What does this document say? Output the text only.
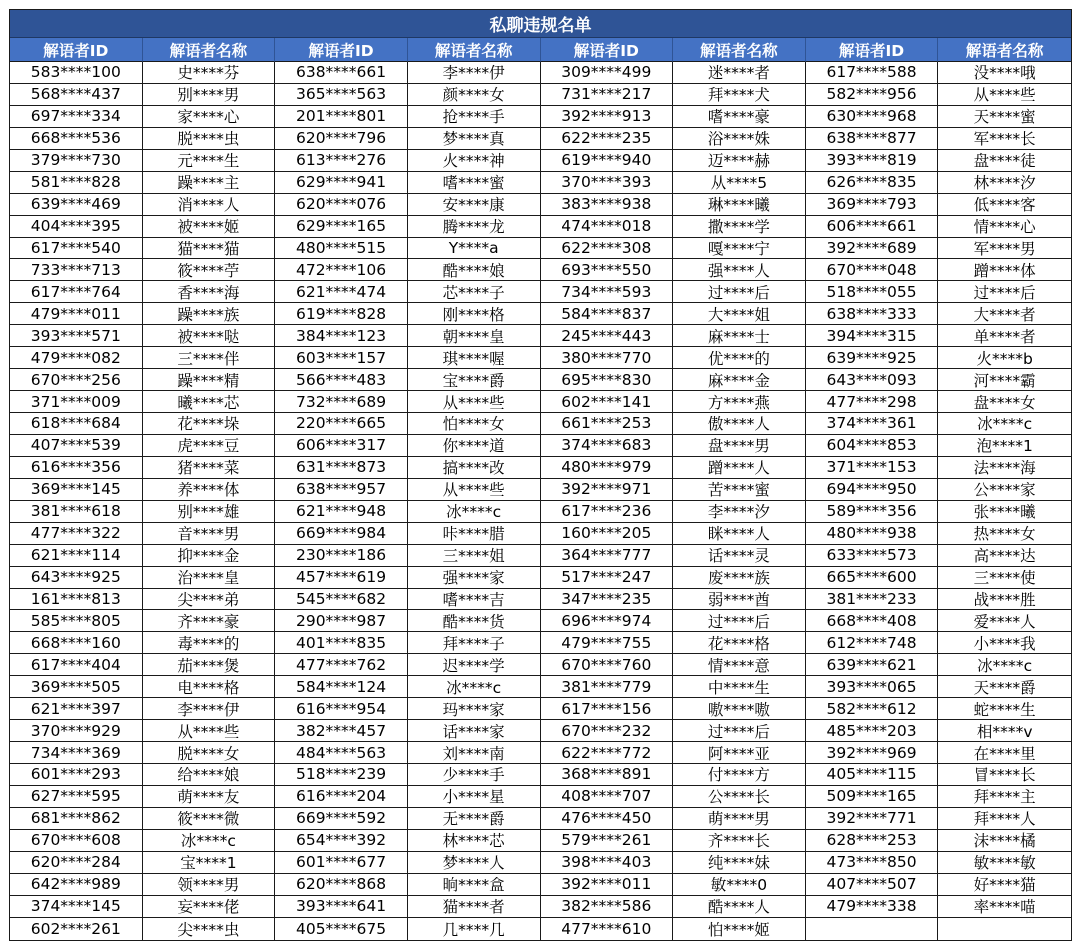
私聊违规名单
解语者ID	解语者名称	解语者ID	解语者名称	解语者ID	解语者名称	解语者ID	解语者名称
583****100	史****芬	638****661	李****伊	309****499	迷****者	617****588	没****哦
568****437	别****男	365****563	颜****女	731****217	拜****犬	582****956	从****些
697****334	家****心	201****801	抢****手	392****913	嗜****豪	630****968	天****蜜
668****536	脱****虫	620****796	梦****真	622****235	浴****姝	638****877	军****长
379****730	元****生	613****276	火****神	619****940	迈****赫	393****819	盘****徒
581****828	躁****主	629****941	嗜****蜜	370****393	从****5	626****835	林****汐
639****469	消****人	620****076	安****康	383****938	琳****曦	369****793	低****客
404****395	被****姬	629****165	腾****龙	474****018	撒****学	606****661	情****心
617****540	猫****猫	480****515	Y****a	622****308	嘎****宁	392****689	军****男
733****713	筱****苧	472****106	酷****娘	693****550	强****人	670****048	蹭****体
617****764	香****海	621****474	芯****子	734****593	过****后	518****055	过****后
479****011	躁****族	619****828	刚****格	584****837	大****姐	638****333	大****者
393****571	被****哒	384****123	朝****皇	245****443	麻****士	394****315	单****者
479****082	三****伴	603****157	琪****喔	380****770	优****的	639****925	火****b
670****256	躁****精	566****483	宝****爵	695****830	麻****金	643****093	河****霸
371****009	曦****芯	732****689	从****些	602****141	方****燕	477****298	盘****女
618****684	花****垛	220****665	怕****女	661****253	傲****人	374****361	冰****c
407****539	虎****豆	606****317	你****道	374****683	盘****男	604****853	泡****1
616****356	猪****菜	631****873	搞****改	480****979	蹭****人	371****153	法****海
369****145	养****体	638****957	从****些	392****971	苦****蜜	694****950	公****家
381****618	别****雄	621****948	冰****c	617****236	李****汐	589****356	张****曦
477****322	音****男	669****984	咔****腊	160****205	眯****人	480****938	热****女
621****114	抑****金	230****186	三****姐	364****777	话****灵	633****573	高****达
643****925	治****皇	457****619	强****家	517****247	废****族	665****600	三****使
161****813	尖****弟	545****682	嗜****吉	347****235	弱****酋	381****233	战****胜
585****805	齐****豪	290****987	酷****货	696****974	过****后	668****408	爱****人
668****160	毒****的	401****835	拜****子	479****755	花****格	612****748	小****我
617****404	茄****煲	477****762	迟****学	670****760	情****意	639****621	冰****c
369****505	电****格	584****124	冰****c	381****779	中****生	393****065	天****爵
621****397	李****伊	616****954	玛****家	617****156	嗷****嗷	582****612	蛇****生
370****929	从****些	382****457	话****家	670****232	过****后	485****203	相****v
734****369	脱****女	484****563	刘****南	622****772	阿****亚	392****969	在****里
601****293	给****娘	518****239	少****手	368****891	付****方	405****115	冒****长
627****595	萌****友	616****204	小****星	408****707	公****长	509****165	拜****主
681****862	筱****微	669****592	无****爵	476****450	萌****男	392****771	拜****人
670****608	冰****c	654****392	林****芯	579****261	齐****长	628****253	沫****橘
620****284	宝****1	601****677	梦****人	398****403	纯****妹	473****850	敏****敏
642****989	领****男	620****868	晌****盒	392****011	敏****0	407****507	好****猫
374****145	妄****佬	393****641	猫****者	382****586	酷****人	479****338	率****喵
602****261	尖****虫	405****675	几****几	477****610	怕****姬
